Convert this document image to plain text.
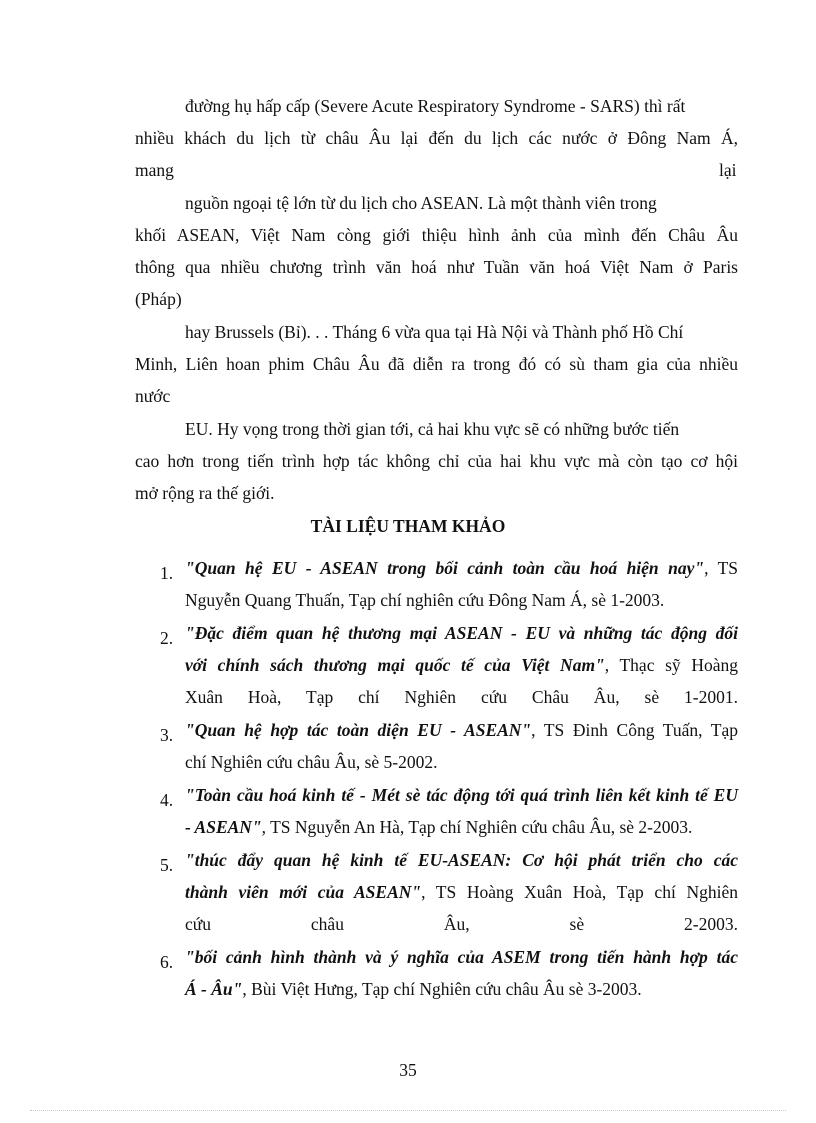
đường hụ hấp cấp (Severe Acute Respiratory Syndrome - SARS) thì rất
nhiều khách du lịch từ châu Âu lại đến du lịch các nước ở Đông Nam Á,
mang	lại
nguồn ngoại tệ lớn từ du lịch cho ASEAN. Là một thành viên trong
khối ASEAN, Việt Nam còng giới thiệu hình ảnh của mình đến Châu Âu
thông qua nhiều chương trình văn hoá như Tuần văn hoá Việt Nam ở Paris
(Pháp)
hay Brussels (Bỉ). . . Tháng 6 vừa qua tại Hà Nội và Thành phố Hồ Chí
Minh, Liên hoan phim Châu Âu đã diễn ra trong đó có sù tham gia của nhiều
nước
EU. Hy vọng trong thời gian tới, cả hai khu vực sẽ có những bước tiến
cao hơn trong tiến trình hợp tác không chỉ của hai khu vực mà còn tạo cơ hội
mở rộng ra thế giới.
TÀI LIỆU THAM KHẢO
1. "Quan hệ EU - ASEAN trong bối cảnh toàn cầu hoá hiện nay", TS
Nguyễn Quang Thuấn, Tạp chí nghiên cứu Đông Nam Á, sè 1-2003.
2. "Đặc điểm quan hệ thương mại ASEAN - EU và những tác động đối
với chính sách thương mại quốc tế của Việt Nam", Thạc sỹ Hoàng
Xuân Hoà, Tạp chí Nghiên cứu Châu Âu, sè 1-2001.
3. "Quan hệ hợp tác toàn diện EU - ASEAN", TS Đinh Công Tuấn, Tạp
chí Nghiên cứu châu Âu, sè 5-2002.
4. "Toàn cầu hoá kinh tế - Mét sè tác động tới quá trình liên kết kinh tế EU
- ASEAN", TS Nguyễn An Hà, Tạp chí Nghiên cứu châu Âu, sè 2-2003.
5. "thúc đẩy quan hệ kinh tế EU-ASEAN: Cơ hội phát triển cho các
thành viên mới của ASEAN", TS Hoàng Xuân Hoà, Tạp chí Nghiên
cứu châu Âu, sè 2-2003.
6. "bối cảnh hình thành và ý nghĩa của ASEM trong tiến hành hợp tác
Á - Âu", Bùi Việt Hưng, Tạp chí Nghiên cứu châu Âu sè 3-2003.
35
